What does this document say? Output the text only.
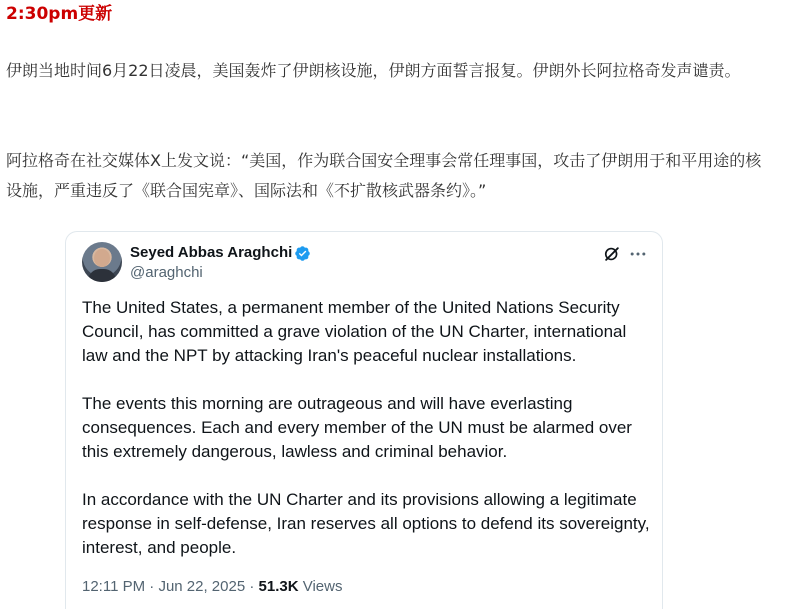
2:30pm更新
伊朗当地时间6月22日凌晨，美国轰炸了伊朗核设施，伊朗方面誓言报复。伊朗外长阿拉格奇发声谴责。
阿拉格奇在社交媒体X上发文说：“美国，作为联合国安全理事会常任理事国，攻击了伊朗用于和平用途的核设施，严重违反了《联合国宪章》、国际法和《不扩散核武器条约》。”
Seyed Abbas Araghchi
@araghchi

The United States, a permanent member of the United Nations Security Council, has committed a grave violation of the UN Charter, international law and the NPT by attacking Iran's peaceful nuclear installations.

The events this morning are outrageous and will have everlasting consequences. Each and every member of the UN must be alarmed over this extremely dangerous, lawless and criminal behavior.

In accordance with the UN Charter and its provisions allowing a legitimate response in self-defense, Iran reserves all options to defend its sovereignty, interest, and people.

12:11 PM · Jun 22, 2025 · 51.3K Views
